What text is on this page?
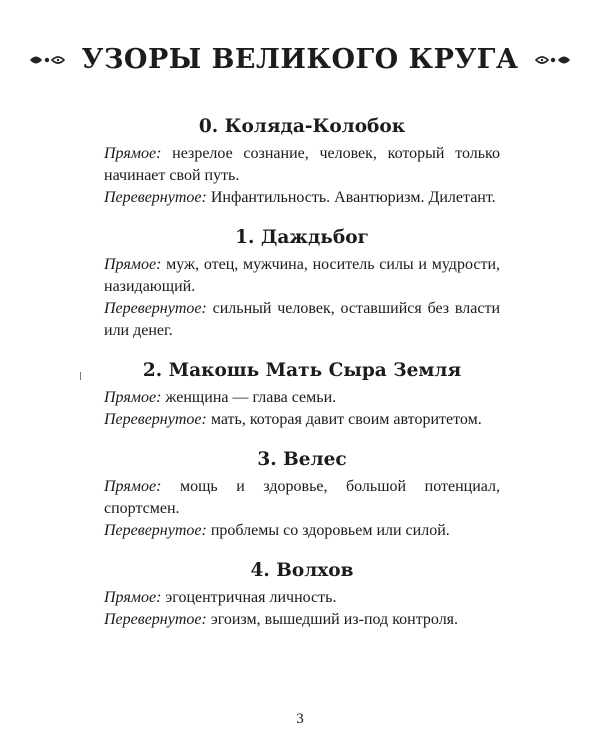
УЗОРЫ ВЕЛИКОГО КРУГА
0. Коляда-Колобок

Прямое: незрелое сознание, человек, который только начинает свой путь.

Перевернутое: Инфантильность. Авантюризм. Дилетант.

1. Даждьбог

Прямое: муж, отец, мужчина, носитель силы и мудрости, назидающий.

Перевернутое: сильный человек, оставшийся без власти или денег.

2. Макошь Мать Сыра Земля

Прямое: женщина — глава семьи.

Перевернутое: мать, которая давит своим авторитетом.

3. Велес

Прямое: мощь и здоровье, большой потенциал, спортсмен.

Перевернутое: проблемы со здоровьем или силой.

4. Волхов

Прямое: эгоцентричная личность.

Перевернутое: эгоизм, вышедший из-под контроля.

3
